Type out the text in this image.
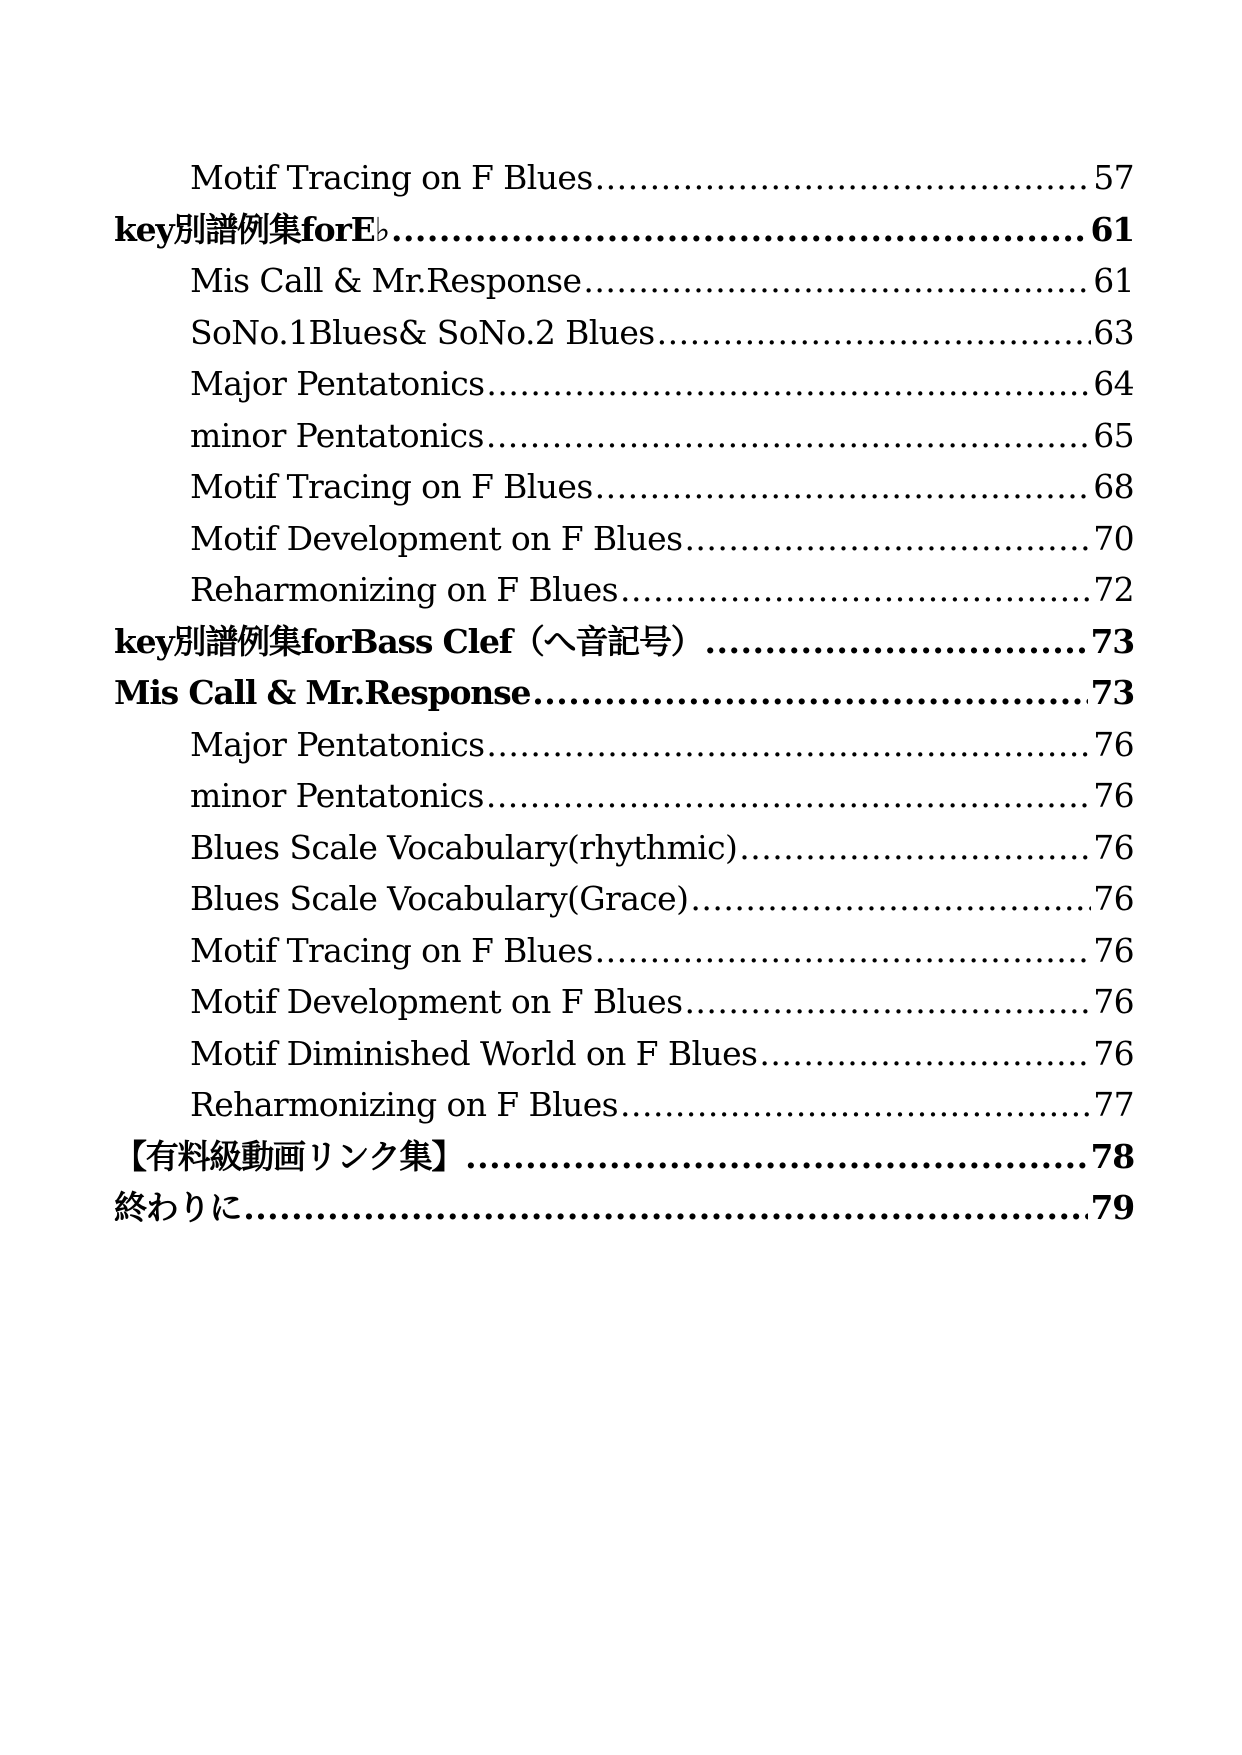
Motif Tracing on F Blues .....	57
key別譜例集forE♭ .....	61
Mis Call & Mr.Response .....	61
SoNo.1Blues& SoNo.2 Blues .....	63
Major Pentatonics .....	64
minor Pentatonics .....	65
Motif Tracing on F Blues .....	68
Motif Development on F Blues .....	70
Reharmonizing on F Blues .....	72
key別譜例集forBass Clef（へ音記号） .....	73
Mis Call & Mr.Response .....	73
Major Pentatonics .....	76
minor Pentatonics .....	76
Blues Scale Vocabulary(rhythmic) .....	76
Blues Scale Vocabulary(Grace) .....	76
Motif Tracing on F Blues .....	76
Motif Development on F Blues .....	76
Motif Diminished World on F Blues .....	76
Reharmonizing on F Blues .....	77
【有料級動画リンク集】 .....	78
終わりに .....	79
